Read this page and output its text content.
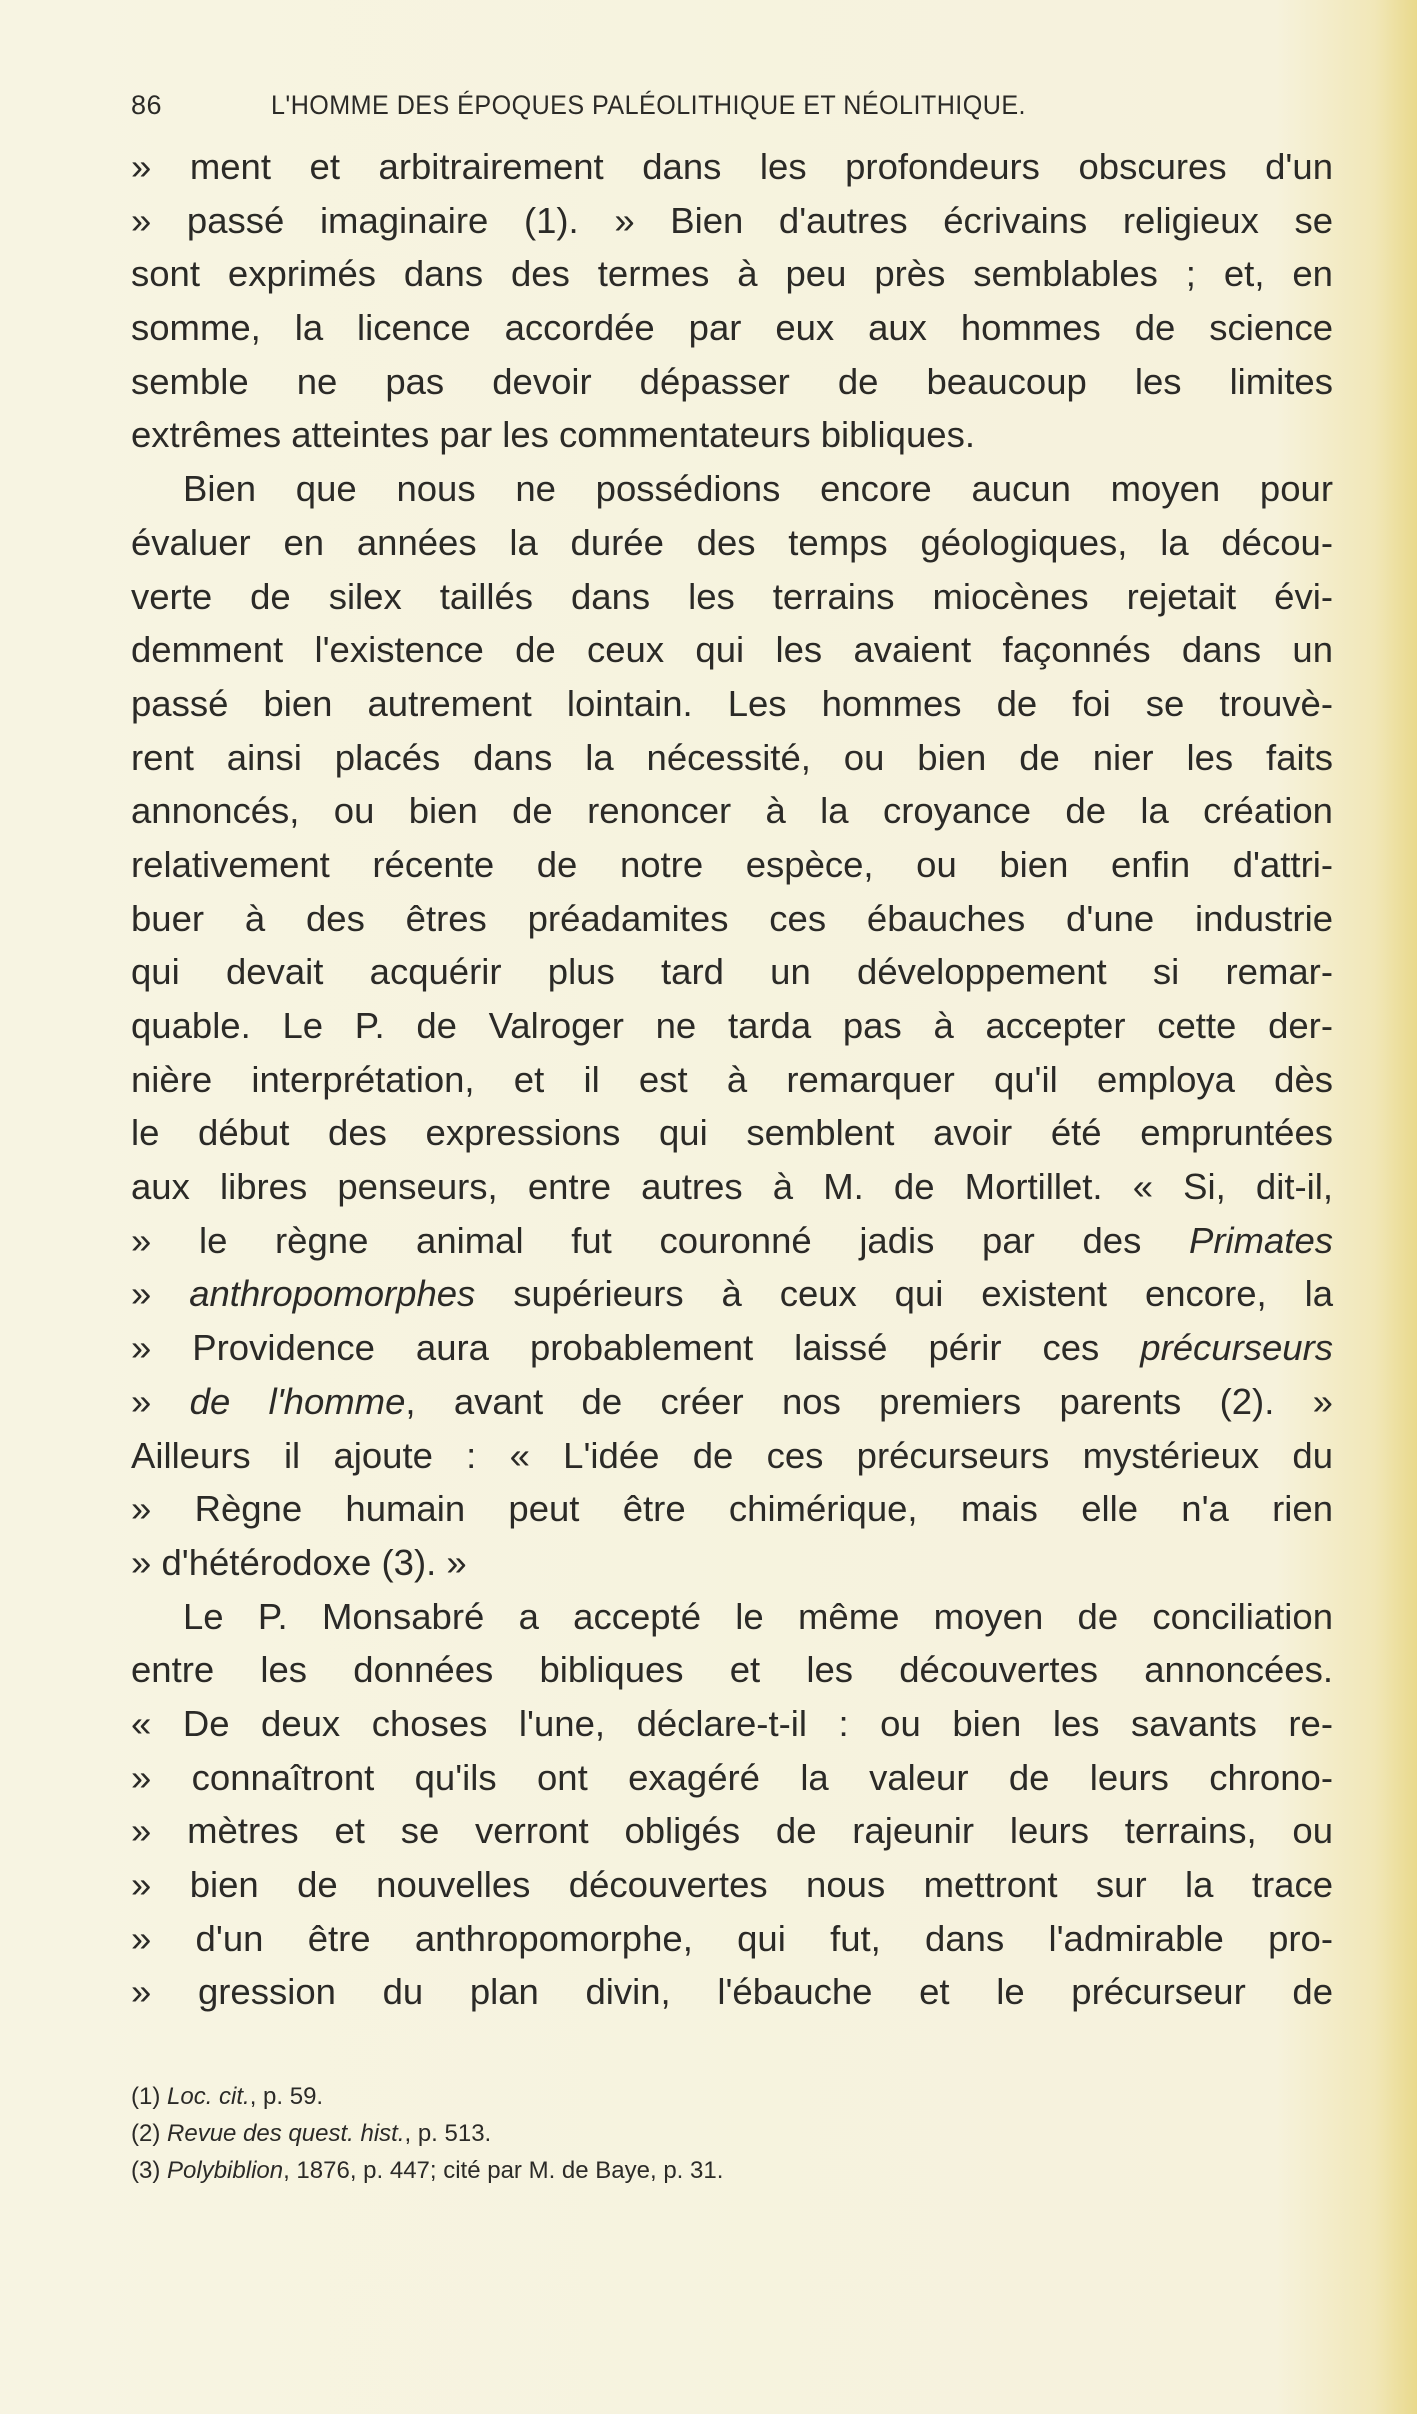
86	L'HOMME DES ÉPOQUES PALÉOLITHIQUE ET NÉOLITHIQUE.
» ment et arbitrairement dans les profondeurs obscures d'un
» passé imaginaire (1). » Bien d'autres écrivains religieux se
sont exprimés dans des termes à peu près semblables ; et, en
somme, la licence accordée par eux aux hommes de science
semble ne pas devoir dépasser de beaucoup les limites
extrêmes atteintes par les commentateurs bibliques.
Bien que nous ne possédions encore aucun moyen pour
évaluer en années la durée des temps géologiques, la décou-
verte de silex taillés dans les terrains miocènes rejetait évi-
demment l'existence de ceux qui les avaient façonnés dans un
passé bien autrement lointain. Les hommes de foi se trouvè-
rent ainsi placés dans la nécessité, ou bien de nier les faits
annoncés, ou bien de renoncer à la croyance de la création
relativement récente de notre espèce, ou bien enfin d'attri-
buer à des êtres préadamites ces ébauches d'une industrie
qui devait acquérir plus tard un développement si remar-
quable. Le P. de Valroger ne tarda pas à accepter cette der-
nière interprétation, et il est à remarquer qu'il employa dès
le début des expressions qui semblent avoir été empruntées
aux libres penseurs, entre autres à M. de Mortillet. « Si, dit-il,
» le règne animal fut couronné jadis par des Primates
» anthropomorphes supérieurs à ceux qui existent encore, la
» Providence aura probablement laissé périr ces précurseurs
» de l'homme, avant de créer nos premiers parents (2). »
Ailleurs il ajoute : « L'idée de ces précurseurs mystérieux du
» Règne humain peut être chimérique, mais elle n'a rien
» d'hétérodoxe (3). »
Le P. Monsabré a accepté le même moyen de conciliation
entre les données bibliques et les découvertes annoncées.
« De deux choses l'une, déclare-t-il : ou bien les savants re-
» connaîtront qu'ils ont exagéré la valeur de leurs chrono-
» mètres et se verront obligés de rajeunir leurs terrains, ou
» bien de nouvelles découvertes nous mettront sur la trace
» d'un être anthropomorphe, qui fut, dans l'admirable pro-
» gression du plan divin, l'ébauche et le précurseur de
(1) Loc. cit., p. 59.
(2) Revue des quest. hist., p. 513.
(3) Polybiblion, 1876, p. 447; cité par M. de Baye, p. 31.
